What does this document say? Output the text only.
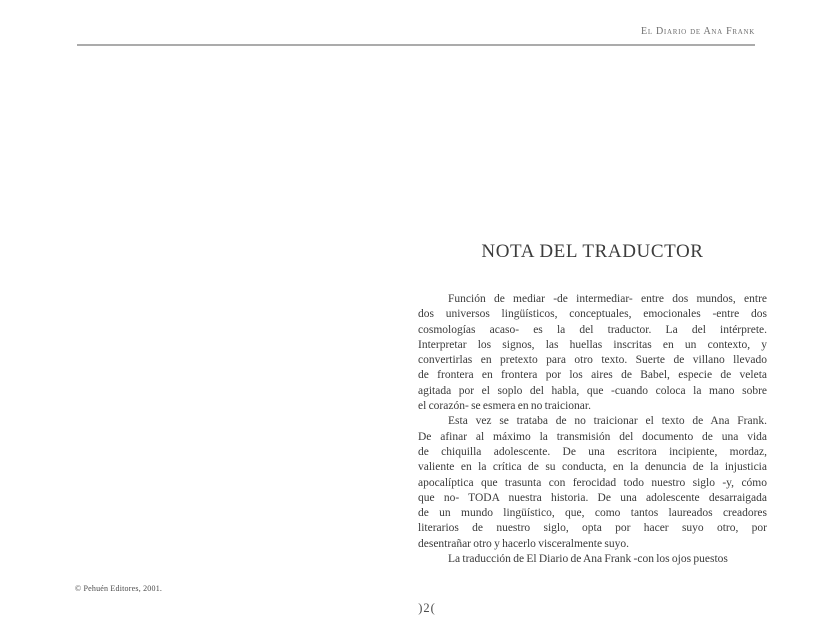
El Diario de Ana Frank
NOTA DEL TRADUCTOR
Función de mediar -de intermediar- entre dos mundos, entre
dos universos lingüísticos, conceptuales, emocionales -entre dos
cosmologías acaso- es la del traductor. La del intérprete.
Interpretar los signos, las huellas inscritas en un contexto, y
convertirlas en pretexto para otro texto. Suerte de villano llevado
de frontera en frontera por los aires de Babel, especie de veleta
agitada por el soplo del habla, que -cuando coloca la mano sobre
el corazón- se esmera en no traicionar.
Esta vez se trataba de no traicionar el texto de Ana Frank.
De afinar al máximo la transmisión del documento de una vida
de chiquilla adolescente. De una escritora incipiente, mordaz,
valiente en la crítica de su conducta, en la denuncia de la injusticia
apocalíptica que trasunta con ferocidad todo nuestro siglo -y, cómo
que no- TODA nuestra historia. De una adolescente desarraigada
de un mundo lingüístico, que, como tantos laureados creadores
literarios de nuestro siglo, opta por hacer suyo otro, por
desentrañar otro y hacerlo visceralmente suyo.
La traducción de El Diario de Ana Frank -con los ojos puestos
© Pehuén Editores, 2001.
)2(
